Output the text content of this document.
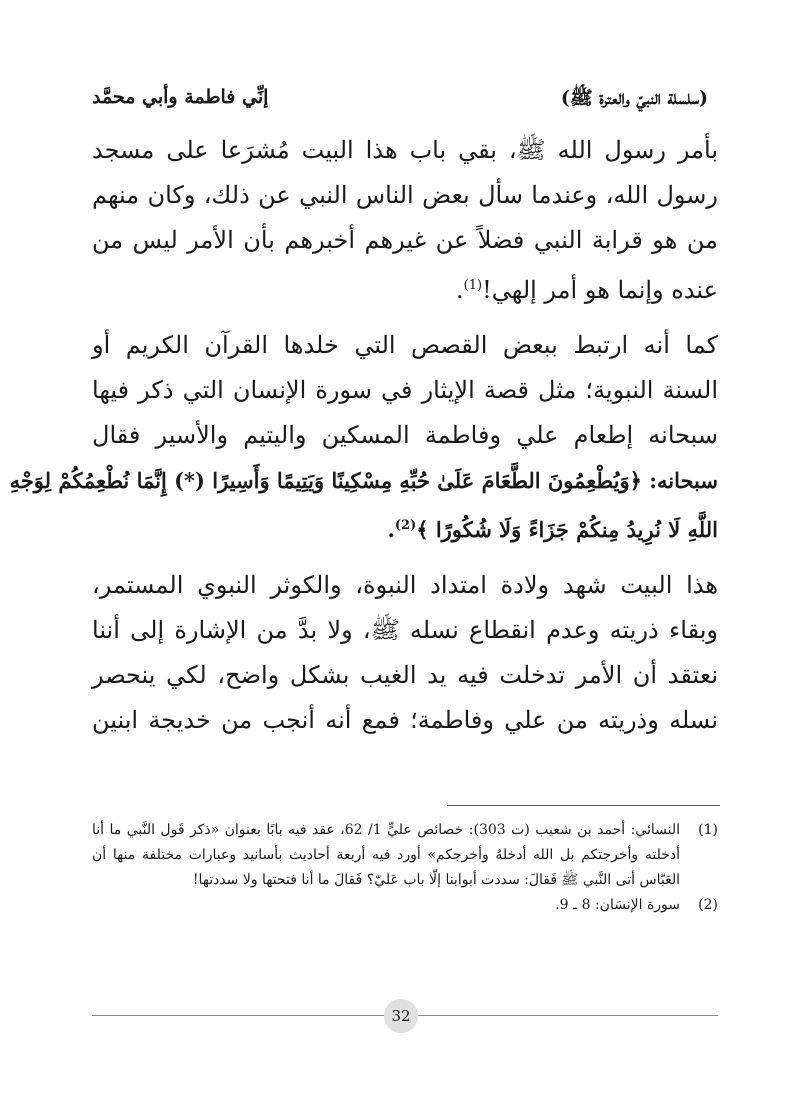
(سلسلة النبيّ والعترة ﷺ)
إنِّي فاطمة وأبي محمَّد
بأمر رسول الله ﷺ، بقي باب هذا البيت مُشرَعا على مسجد
رسول الله، وعندما سأل بعض الناس النبي عن ذلك، وكان منهم
من هو قرابة النبي فضلاً عن غيرهم أخبرهم بأن الأمر ليس من
عنده وإنما هو أمر إلهي!$^{(1)}$.
كما أنه ارتبط ببعض القصص التي خلدها القرآن الكريم أو
السنة النبوية؛ مثل قصة الإيثار في سورة الإنسان التي ذكر فيها
سبحانه إطعام علي وفاطمة المسكين واليتيم والأسير فقال
سبحانه: ﴿وَيُطْعِمُونَ الطَّعَامَ عَلَىٰ حُبِّهِ مِسْكِينًا وَيَتِيمًا وَأَسِيرًا (*) إِنَّمَا نُطْعِمُكُمْ لِوَجْهِ
اللَّهِ لَا نُرِيدُ مِنكُمْ جَزَاءً وَلَا شُكُورًا ﴾$^{(2)}$.
هذا البيت شهد ولادة امتداد النبوة، والكوثر النبوي المستمر،
وبقاء ذريته وعدم انقطاع نسله ﷺ، ولا بدَّ من الإشارة إلى أننا
نعتقد أن الأمر تدخلت فيه يد الغيب بشكل واضح، لكي ينحصر
نسله وذريته من علي وفاطمة؛ فمع أنه أنجب من خديجة ابنين
(1)
النسائي: أحمد بن شعيب (ت 303): خصائص عليٍّ 1/ 62، عقد فيه بابًا بعنوان «ذكر قَول النَّبي ما أنا أدخلته وأخرجتكم بل الله أدخلهُ وأخرجكم» أورد فيه أربعة أحاديث بأسانيد وعبارات مختلفة منها أن العَبّاس أتى النَّبي ﷺ فَقالَ: سددت أبوابنا إلّا باب عَليّ؟ فَقالَ ما أنا فتحتها ولا سددتها!
(2)
سورة الإنسَان: 8 ـ 9.
32
